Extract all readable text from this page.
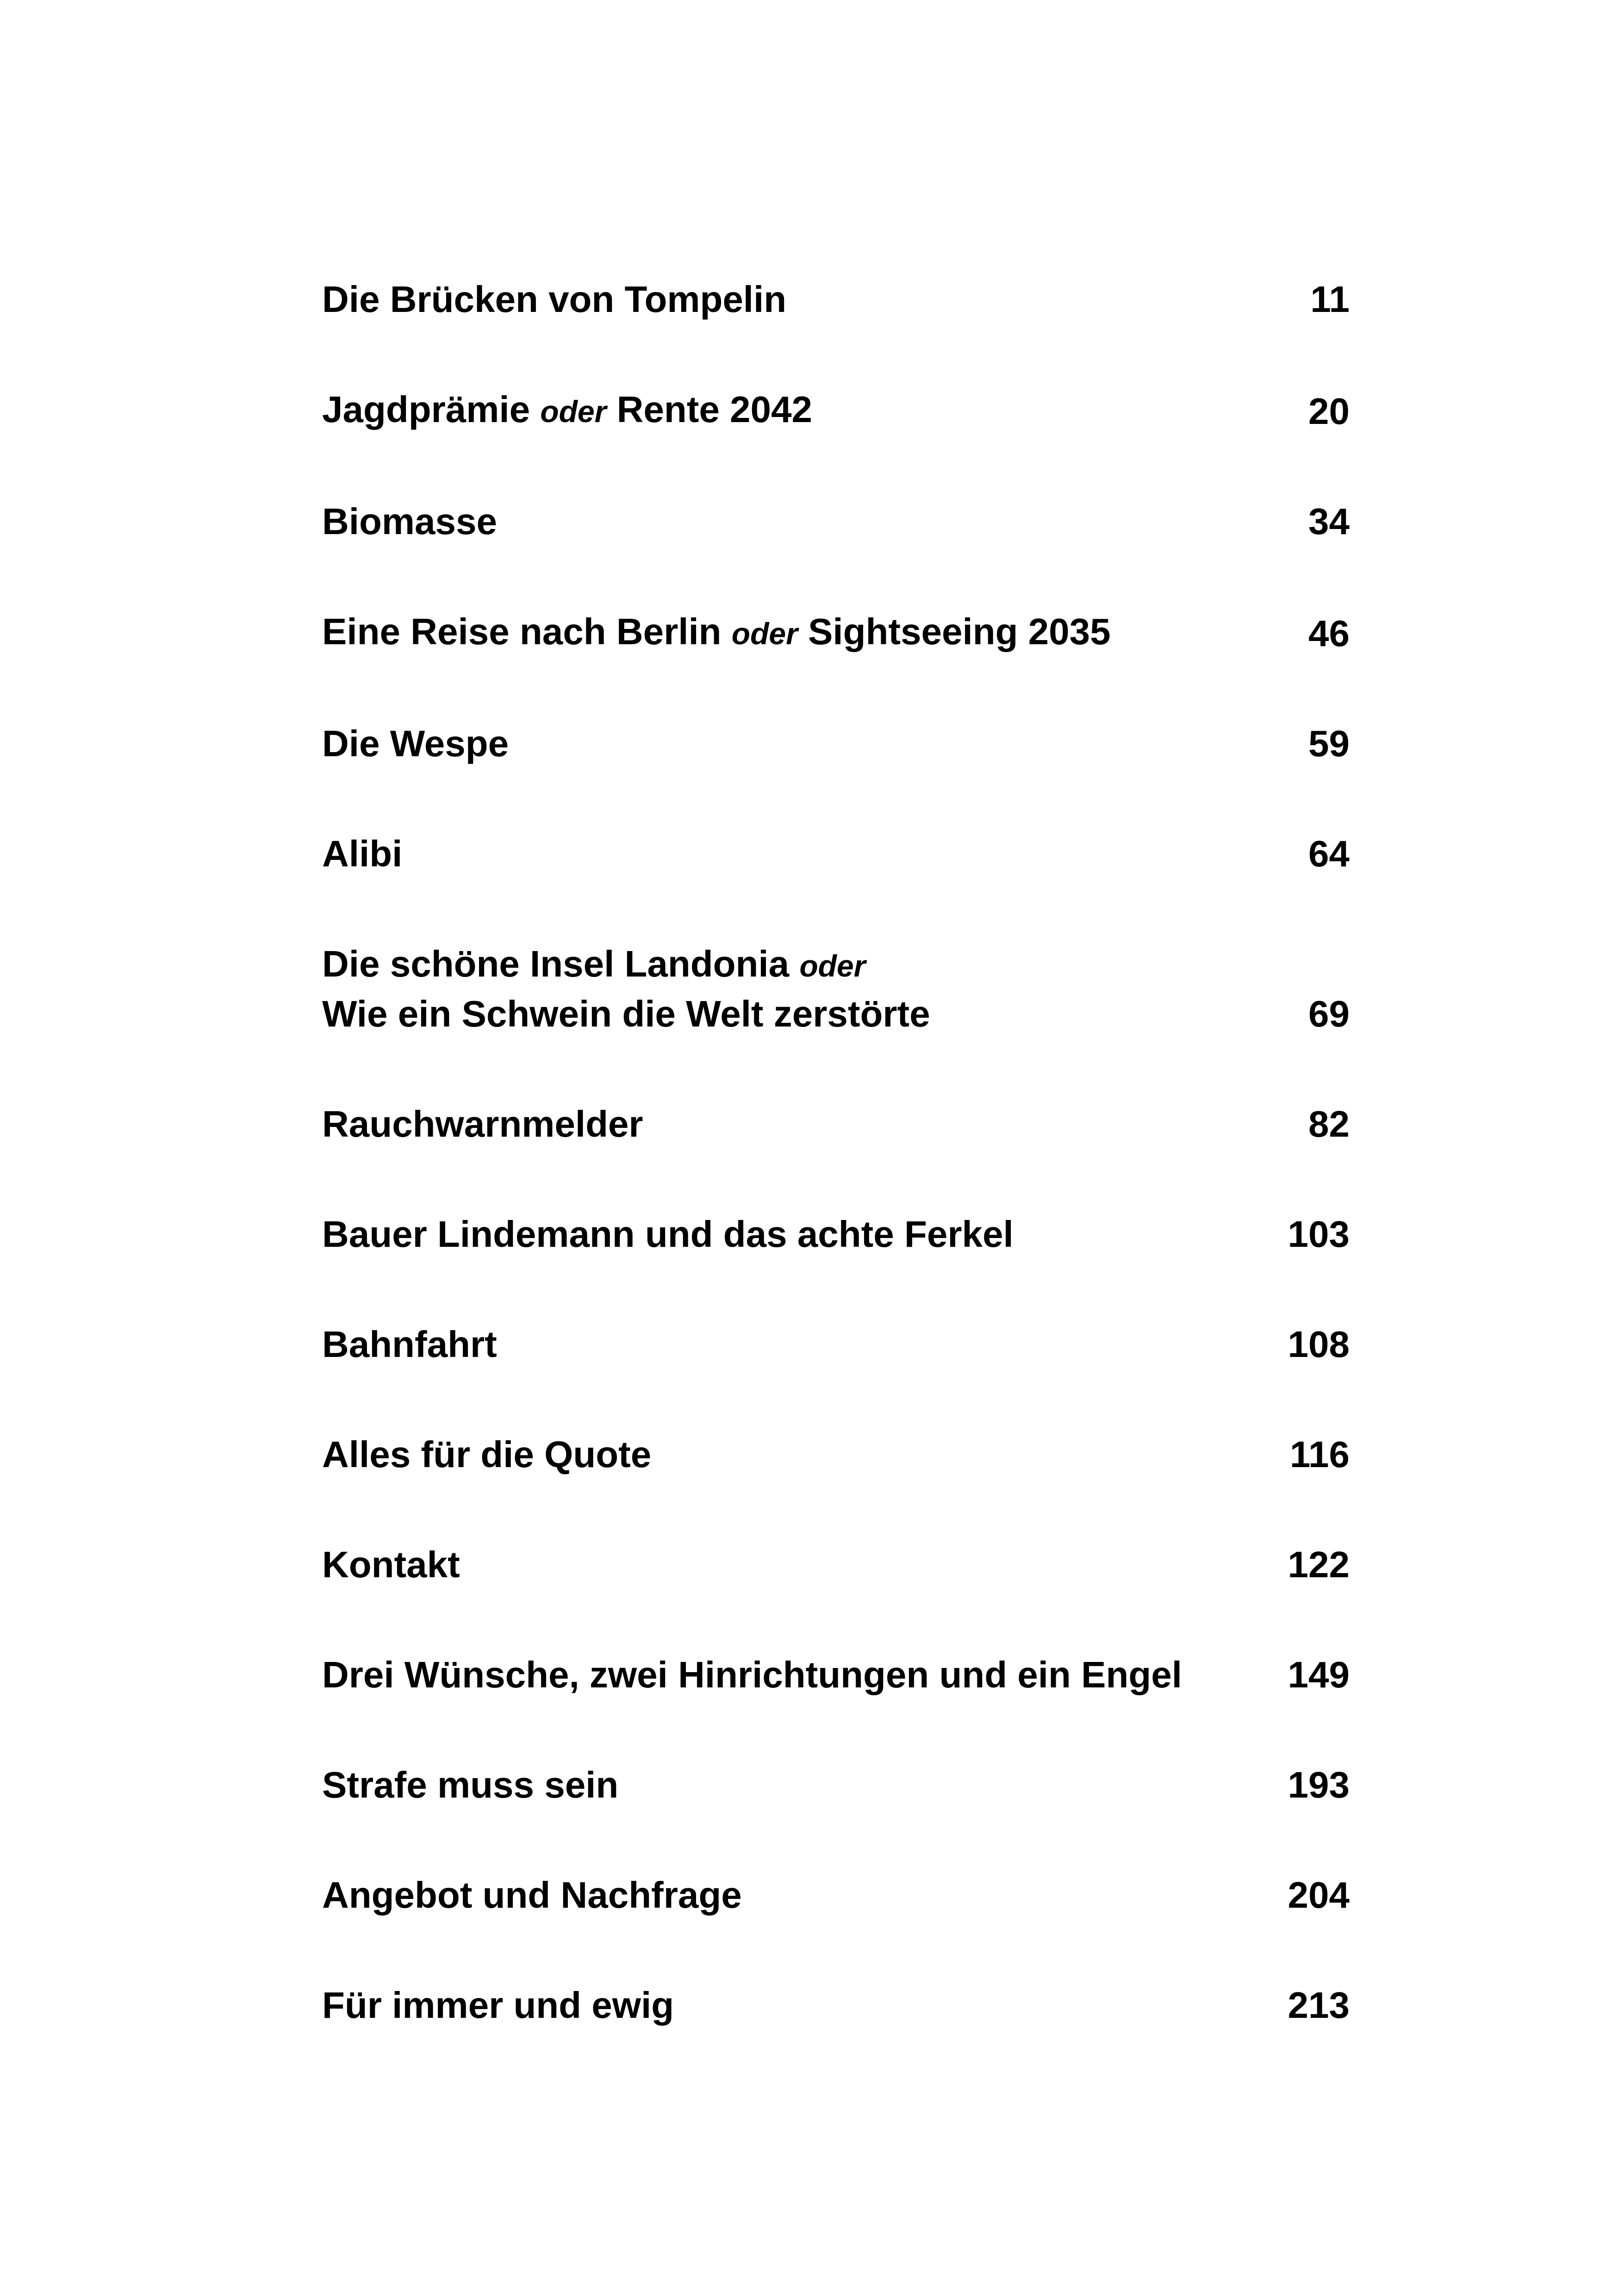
Die Brücken von Tompelin	11
Jagdprämie oder Rente 2042	20
Biomasse	34
Eine Reise nach Berlin oder Sightseeing 2035	46
Die Wespe	59
Alibi	64
Die schöne Insel Landonia oder
Wie ein Schwein die Welt zerstörte	69
Rauchwarnmelder	82
Bauer Lindemann und das achte Ferkel	103
Bahnfahrt	108
Alles für die Quote	116
Kontakt	122
Drei Wünsche, zwei Hinrichtungen und ein Engel	149
Strafe muss sein	193
Angebot und Nachfrage	204
Für immer und ewig	213
